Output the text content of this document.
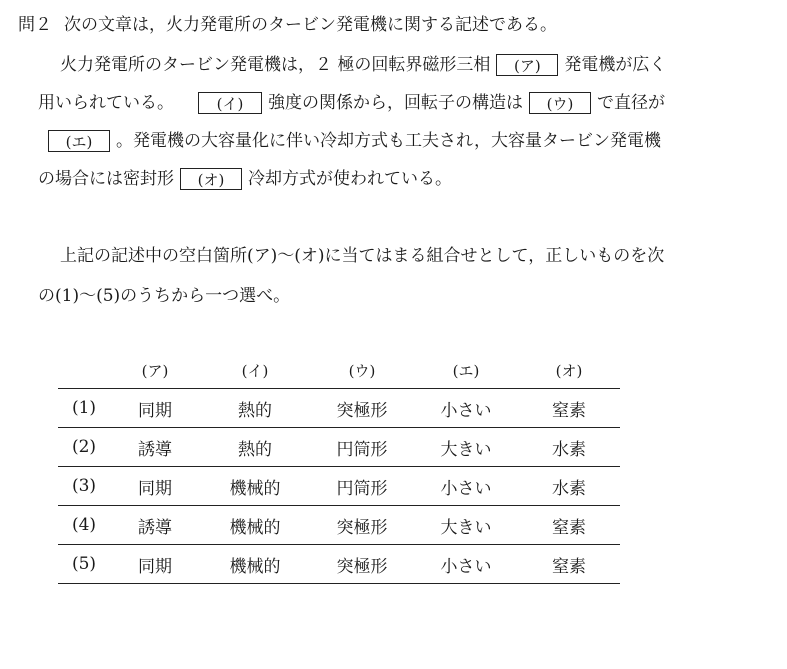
問２ 次の文章は，火力発電所のタービン発電機に関する記述である。
火力発電所のタービン発電機は，２ 極の回転界磁形三相 (ア) 発電機が広く
用いられている。	(イ) 強度の関係から，回転子の構造は (ウ) で直径が
(エ) 。発電機の大容量化に伴い冷却方式も工夫され，大容量タービン発電機
の場合には密封形 (オ) 冷却方式が使われている。
上記の記述中の空白箇所(ア)～(オ)に当てはまる組合せとして，正しいものを次
の(1)～(5)のうちから一つ選べ。
	(ア)	(イ)	(ウ)	(エ)	(オ)
(1)	同期	熱的	突極形	小さい	窒素
(2)	誘導	熱的	円筒形	大きい	水素
(3)	同期	機械的	円筒形	小さい	水素
(4)	誘導	機械的	突極形	大きい	窒素
(5)	同期	機械的	突極形	小さい	窒素
